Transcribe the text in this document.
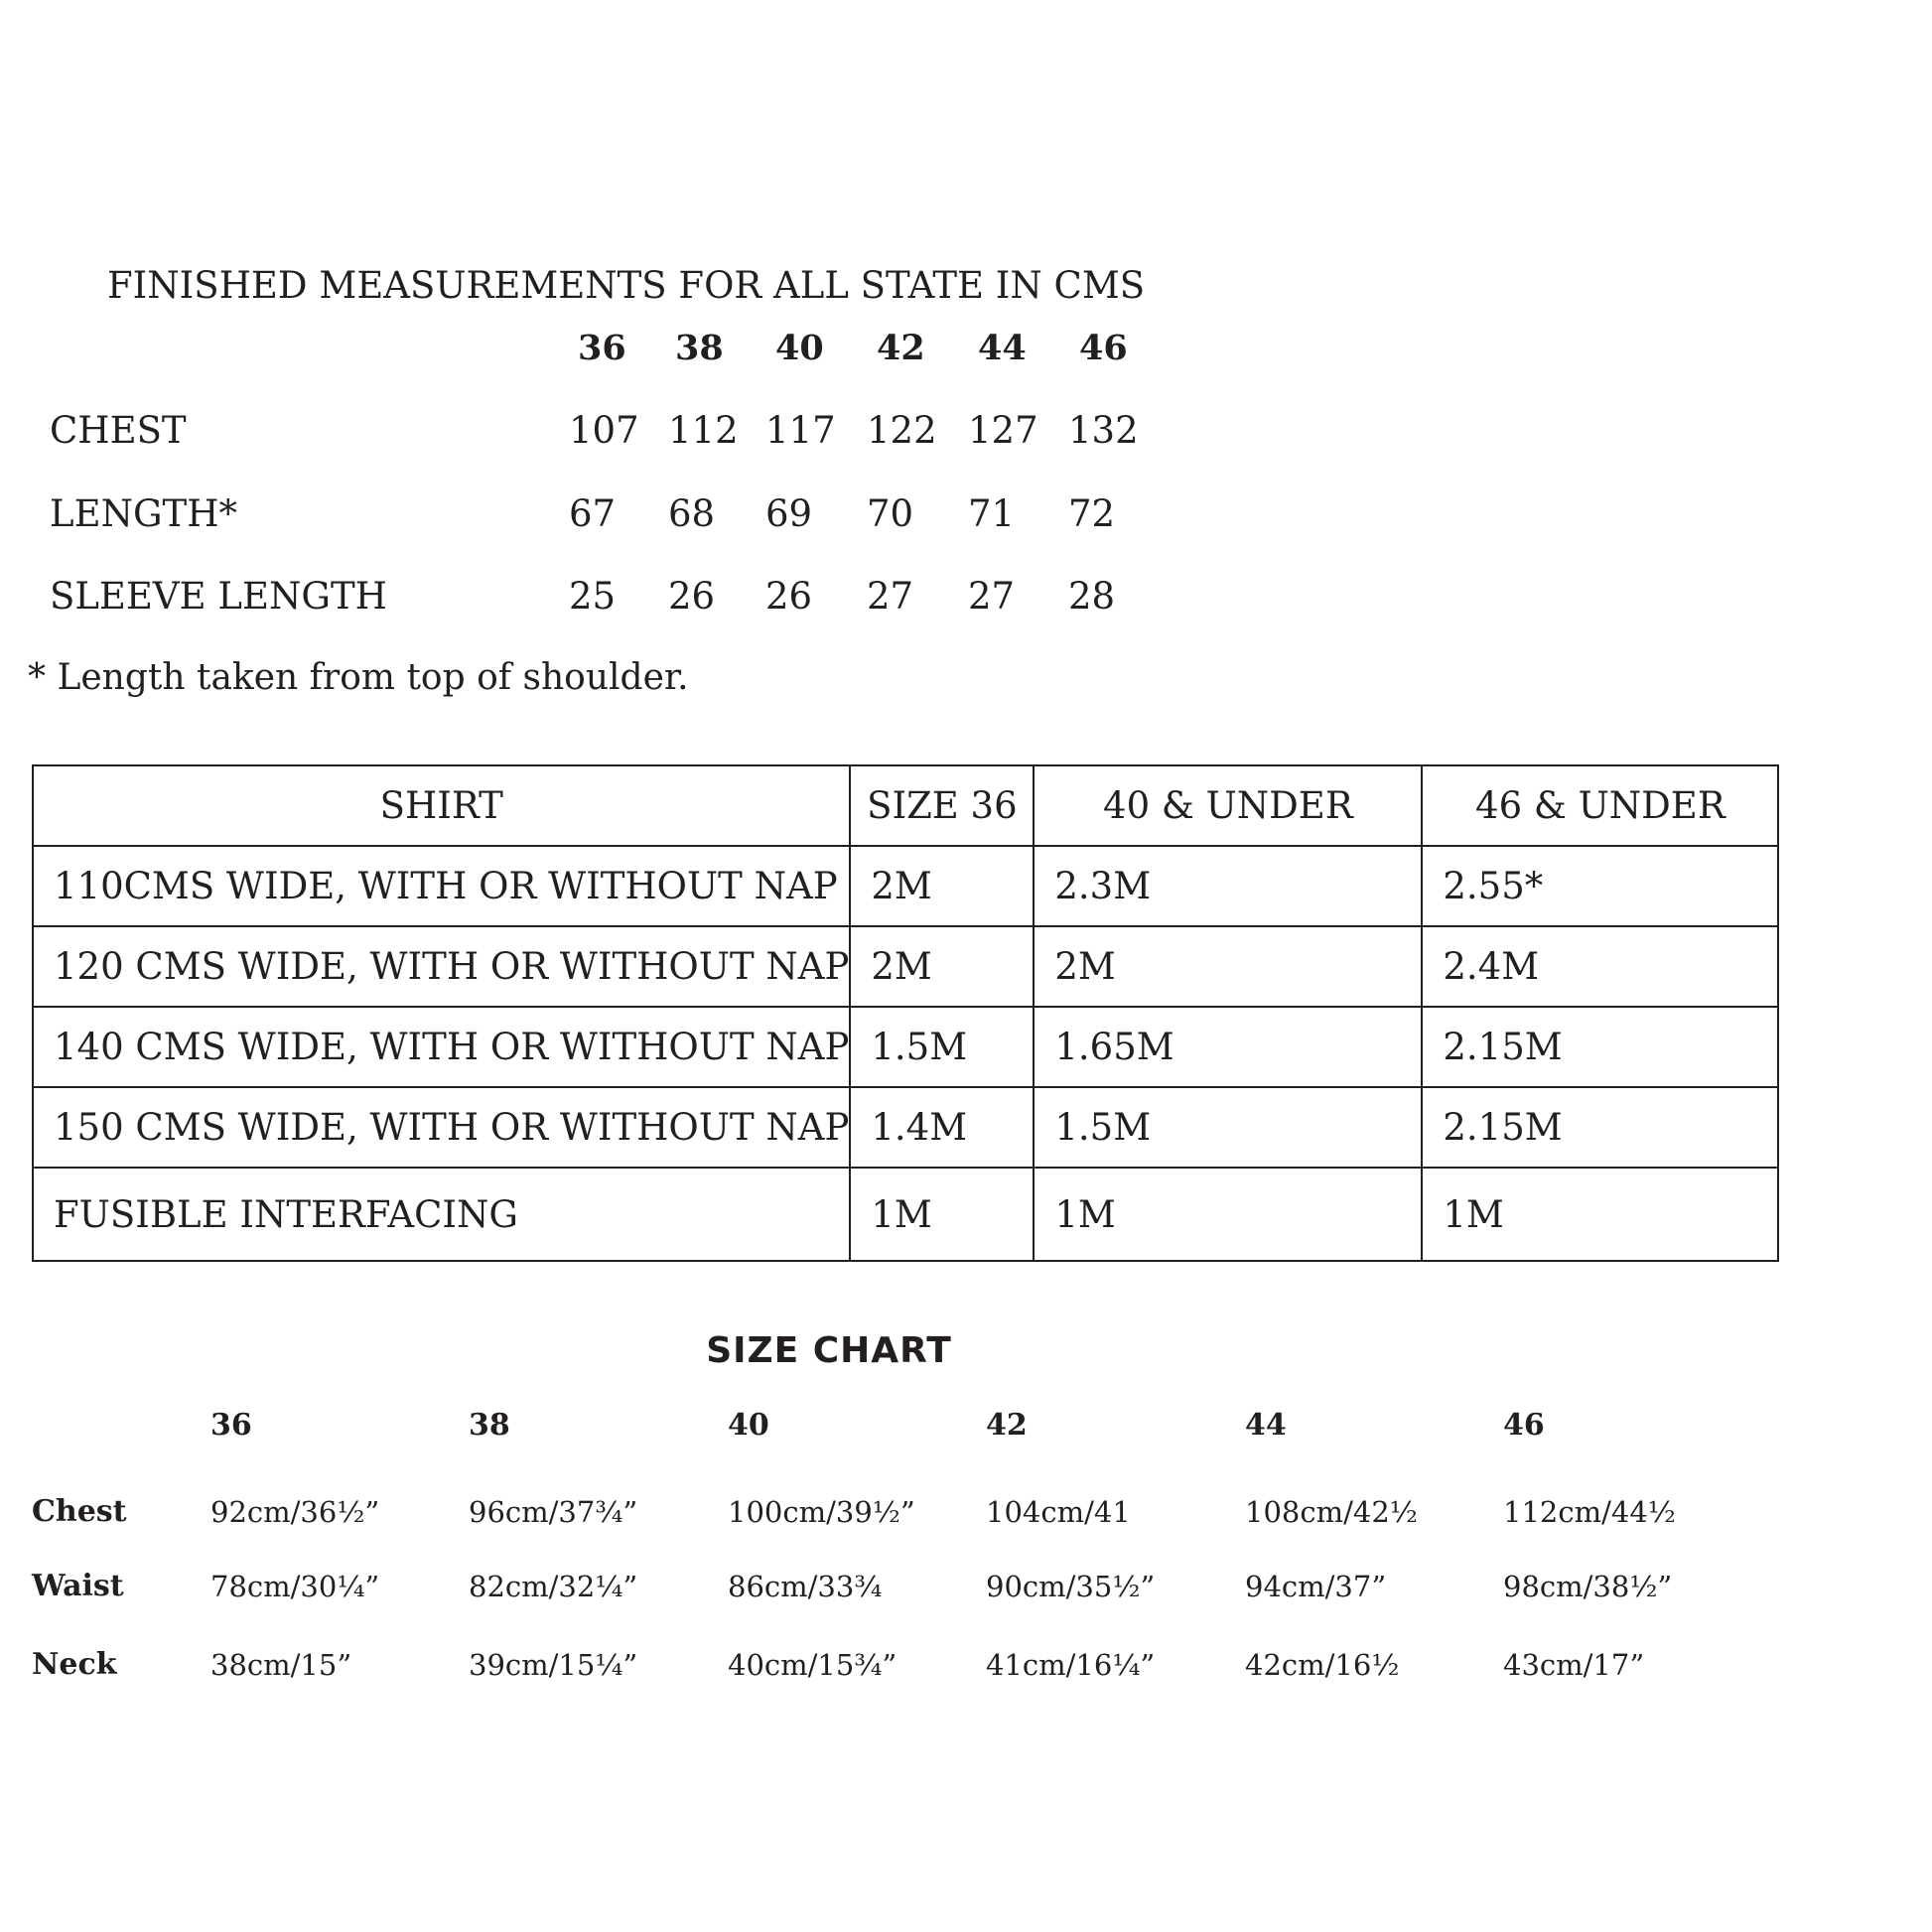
FINISHED MEASUREMENTS FOR ALL STATE IN CMS
36 38 40 42 44 46
CHEST	107 112 117 122 127 132
LENGTH*	67 68 69 70 71 72
SLEEVE LENGTH	25 26 26 27 27 28
* Length taken from top of shoulder.
SHIRT	SIZE 36	40 & UNDER	46 & UNDER
110CMS WIDE, WITH OR WITHOUT NAP	2M	2.3M	2.55*
120 CMS WIDE, WITH OR WITHOUT NAP	2M	2M	2.4M
140 CMS WIDE, WITH OR WITHOUT NAP	1.5M	1.65M	2.15M
150 CMS WIDE, WITH OR WITHOUT NAP	1.4M	1.5M	2.15M
FUSIBLE INTERFACING	1M	1M	1M
SIZE CHART
36	38	40	42	44	46
Chest	92cm/36½”	96cm/37¾”	100cm/39½” 104cm/41	108cm/42½	112cm/44½
Waist	78cm/30¼”	82cm/32¼”	86cm/33¾	90cm/35½”	94cm/37”	98cm/38½”
Neck	38cm/15”	39cm/15¼”	40cm/15¾”	41cm/16¼”	42cm/16½	43cm/17”
